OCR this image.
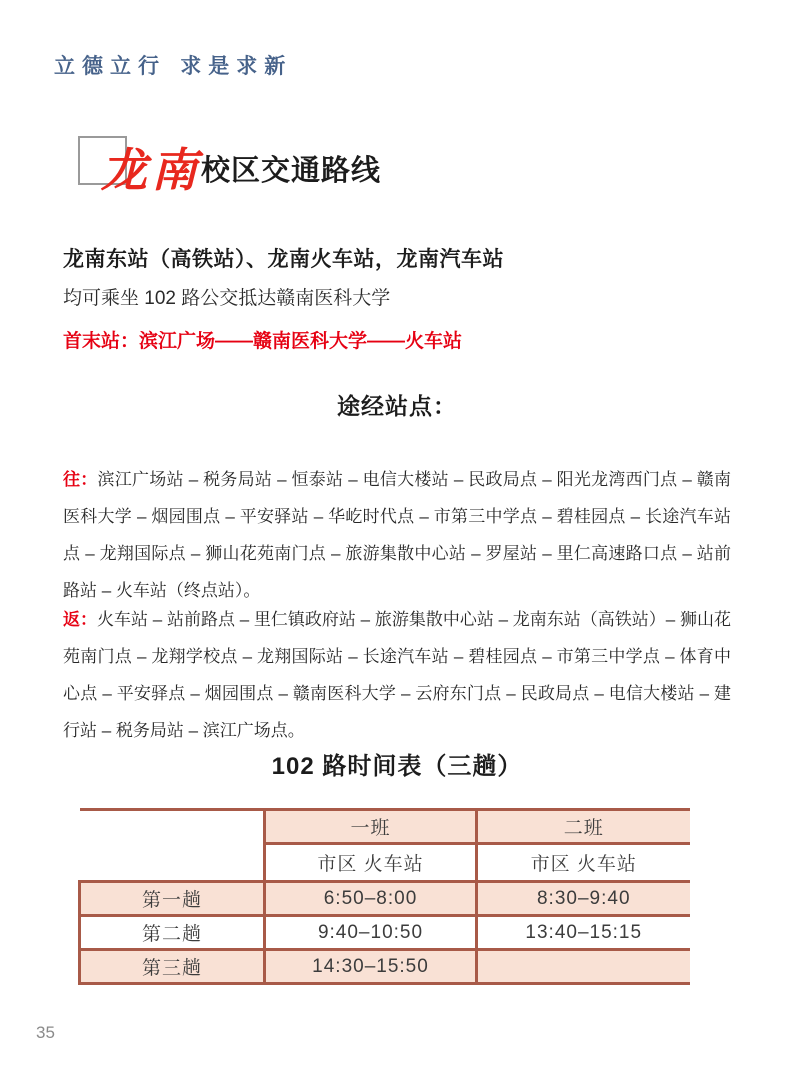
立德立行 求是求新
龙南 校区交通路线
龙南东站（高铁站）、龙南火车站，龙南汽车站
均可乘坐 102 路公交抵达赣南医科大学
首末站：滨江广场——赣南医科大学——火车站
途经站点：

往：滨江广场站 – 税务局站 – 恒泰站 – 电信大楼站 – 民政局点 – 阳光龙湾西门点 – 赣南医科大学 – 烟园围点 – 平安驿站 – 华屹时代点 – 市第三中学点 – 碧桂园点 – 长途汽车站点 – 龙翔国际点 – 狮山花苑南门点 – 旅游集散中心站 – 罗屋站 – 里仁高速路口点 – 站前路站 – 火车站（终点站）。

返：火车站 – 站前路点 – 里仁镇政府站 – 旅游集散中心站 – 龙南东站（高铁站）– 狮山花苑南门点 – 龙翔学校点 – 龙翔国际站 – 长途汽车站 – 碧桂园点 – 市第三中学点 – 体育中心点 – 平安驿点 – 烟园围点 – 赣南医科大学 – 云府东门点 – 民政局点 – 电信大楼站 – 建行站 – 税务局站 – 滨江广场点。

102 路时间表（三趟）
	一班	二班
	市区 火车站	市区 火车站
第一趟	6:50–8:00	8:30–9:40
第二趟	9:40–10:50	13:40–15:15
第三趟	14:30–15:50	
35
